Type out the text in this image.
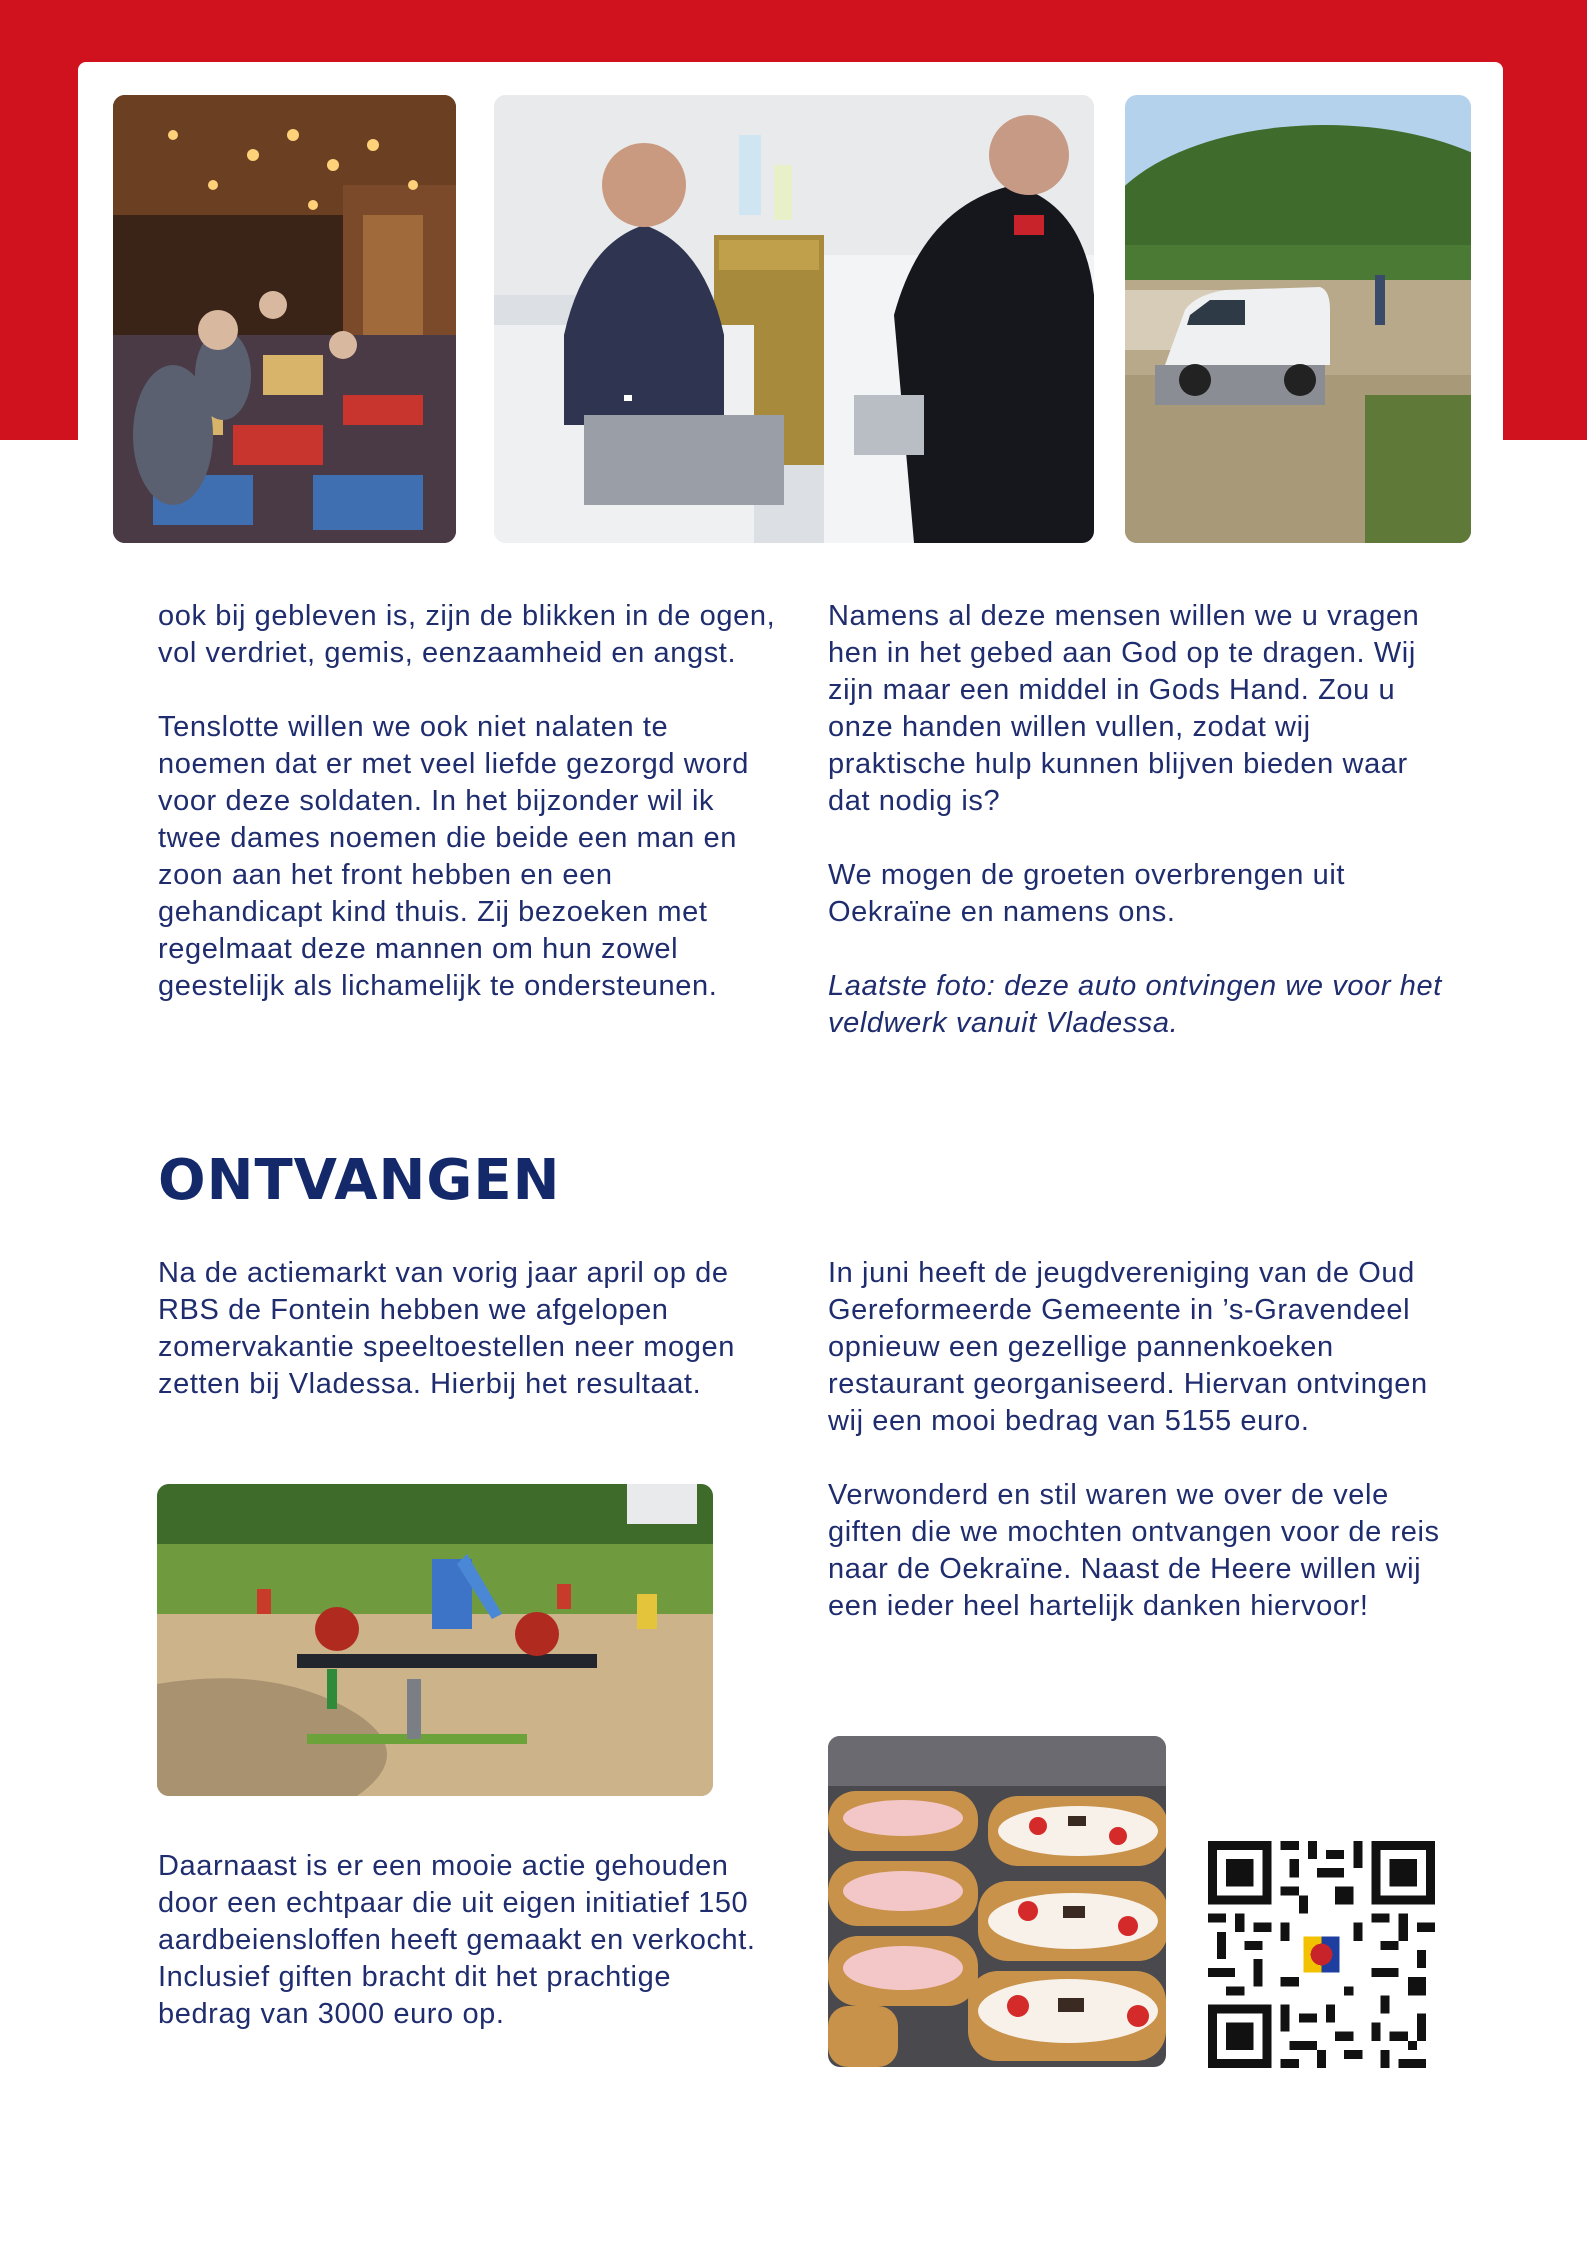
ook bij gebleven is, zijn de blikken in de ogen, vol verdriet, gemis, eenzaamheid en angst.

Tenslotte willen we ook niet nalaten te noemen dat er met veel liefde gezorgd word voor deze soldaten. In het bijzonder wil ik twee dames noemen die beide een man en zoon aan het front hebben en een gehandicapt kind thuis. Zij bezoeken met regelmaat deze mannen om hun zowel geestelijk als lichamelijk te ondersteunen.

Namens al deze mensen willen we u vragen hen in het gebed aan God op te dragen. Wij zijn maar een middel in Gods Hand. Zou u onze handen willen vullen, zodat wij praktische hulp kunnen blijven bieden waar dat nodig is?

We mogen de groeten overbrengen uit Oekraïne en namens ons.

Laatste foto: deze auto ontvingen we voor het veldwerk vanuit Vladessa.

ONTVANGEN

Na de actiemarkt van vorig jaar april op de RBS de Fontein hebben we afgelopen zomervakantie speeltoestellen neer mogen zetten bij Vladessa. Hierbij het resultaat.

Daarnaast is er een mooie actie gehouden door een echtpaar die uit eigen initiatief 150 aardbeiensloffen heeft gemaakt en verkocht. Inclusief giften bracht dit het prachtige bedrag van 3000 euro op.

In juni heeft de jeugdvereniging van de Oud Gereformeerde Gemeente in ’s-Gravendeel opnieuw een gezellige pannenkoeken restaurant georganiseerd. Hiervan ontvingen wij een mooi bedrag van 5155 euro.

Verwonderd en stil waren we over de vele giften die we mochten ontvangen voor de reis naar de Oekraïne. Naast de Heere willen wij een ieder heel hartelijk danken hiervoor!
